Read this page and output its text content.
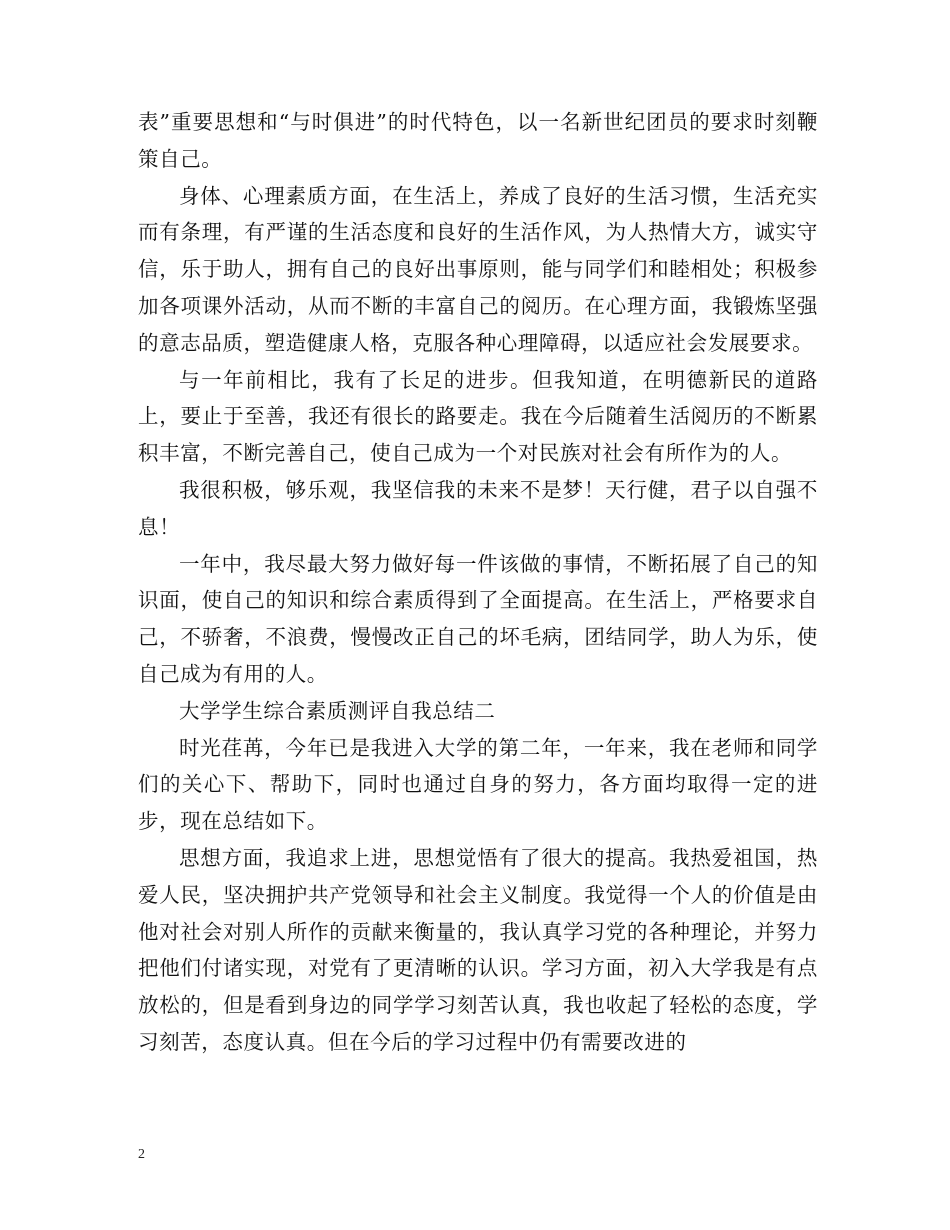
表”重要思想和“与时俱进”的时代特色，以一名新世纪团员的要求时刻鞭策自己。

身体、心理素质方面，在生活上，养成了良好的生活习惯，生活充实而有条理，有严谨的生活态度和良好的生活作风，为人热情大方，诚实守信，乐于助人，拥有自己的良好出事原则，能与同学们和睦相处；积极参加各项课外活动，从而不断的丰富自己的阅历。在心理方面，我锻炼坚强的意志品质，塑造健康人格，克服各种心理障碍，以适应社会发展要求。

与一年前相比，我有了长足的进步。但我知道，在明德新民的道路上，要止于至善，我还有很长的路要走。我在今后随着生活阅历的不断累积丰富，不断完善自己，使自己成为一个对民族对社会有所作为的人。

我很积极，够乐观，我坚信我的未来不是梦！天行健，君子以自强不息！

一年中，我尽最大努力做好每一件该做的事情，不断拓展了自己的知识面，使自己的知识和综合素质得到了全面提高。在生活上，严格要求自己，不骄奢，不浪费，慢慢改正自己的坏毛病，团结同学，助人为乐，使自己成为有用的人。

大学学生综合素质测评自我总结二

时光荏苒，今年已是我进入大学的第二年，一年来，我在老师和同学们的关心下、帮助下，同时也通过自身的努力，各方面均取得一定的进步，现在总结如下。

思想方面，我追求上进，思想觉悟有了很大的提高。我热爱祖国，热爱人民，坚决拥护共产党领导和社会主义制度。我觉得一个人的价值是由他对社会对别人所作的贡献来衡量的，我认真学习党的各种理论，并努力把他们付诸实现，对党有了更清晰的认识。学习方面，初入大学我是有点放松的，但是看到身边的同学学习刻苦认真，我也收起了轻松的态度，学习刻苦，态度认真。但在今后的学习过程中仍有需要改进的

2
